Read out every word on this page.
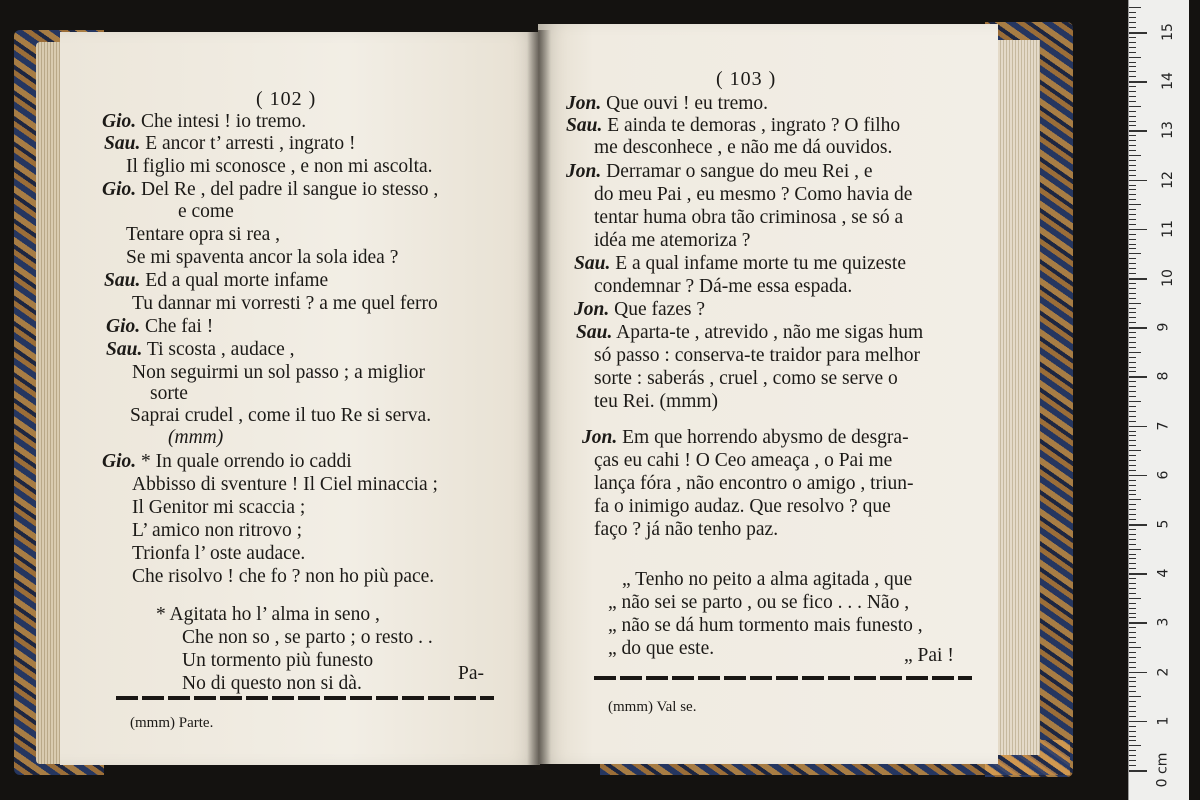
( 102 )
Gio. Che intesi ! io tremo.
Sau. E ancor t’ arresti , ingrato !
Il figlio mi sconosce , e non mi ascolta.
Gio. Del Re , del padre il sangue io stesso ,
e come
Tentare opra si rea ,
Se mi spaventa ancor la sola idea ?
Sau. Ed a qual morte infame
Tu dannar mi vorresti ? a me quel ferro
Gio. Che fai !
Sau. Ti scosta , audace ,
Non seguirmi un sol passo ; a miglior
sorte
Saprai crudel , come il tuo Re si serva.
(mmm)
Gio. * In quale orrendo io caddi
Abbisso di sventure ! Il Ciel minaccia ;
Il Genitor mi scaccia ;
L’ amico non ritrovo ;
Trionfa l’ oste audace.
Che risolvo ! che fo ? non ho più pace.
* Agitata ho l’ alma in seno ,
Che non so , se parto ; o resto . .
Un tormento più funesto
No di questo non si dà.	Pa-
(mmm) Parte.
( 103 )
Jon. Que ouvi ! eu tremo.
Sau. E ainda te demoras , ingrato ? O filho
me desconhece , e não me dá ouvidos.
Jon. Derramar o sangue do meu Rei , e
do meu Pai , eu mesmo ? Como havia de
tentar huma obra tão criminosa , se só a
idéa me atemoriza ?
Sau. E a qual infame morte tu me quizeste
condemnar ? Dá-me essa espada.
Jon. Que fazes ?
Sau. Aparta-te , atrevido , não me sigas hum
só passo : conserva-te traidor para melhor
sorte : saberás , cruel , como se serve o
teu Rei. (mmm)
Jon. Em que horrendo abysmo de desgra-
ças eu cahi ! O Ceo ameaça , o Pai me
lança fóra , não encontro o amigo , triun-
fa o inimigo audaz. Que resolvo ? que
faço ? já não tenho paz.
„ Tenho no peito a alma agitada , que
„ não sei se parto , ou se fico . . . Não ,
„ não se dá hum tormento mais funesto ,
„ do que este.	„ Pai !
(mmm) Val se.
0 cm
1
2
3
4
5
6
7
8
9
10
11
12
13
14
15
